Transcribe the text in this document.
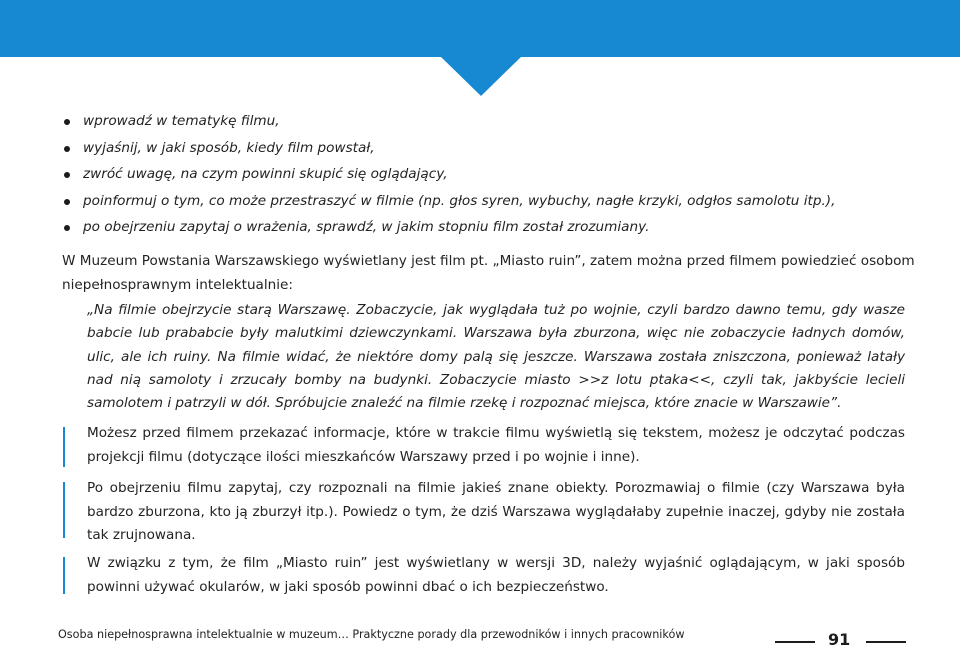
wprowadź w tematykę filmu,
wyjaśnij, w jaki sposób, kiedy film powstał,
zwróć uwagę, na czym powinni skupić się oglądający,
poinformuj o tym, co może przestraszyć w filmie (np. głos syren, wybuchy, nagłe krzyki, odgłos samolotu itp.),
po obejrzeniu zapytaj o wrażenia, sprawdź, w jakim stopniu film został zrozumiany.

W Muzeum Powstania Warszawskiego wyświetlany jest film pt. „Miasto ruin”, zatem można przed filmem powiedzieć osobom niepełnosprawnym intelektualnie:

„Na filmie obejrzycie starą Warszawę. Zobaczycie, jak wyglądała tuż po wojnie, czyli bardzo dawno temu, gdy wasze babcie lub prababcie były malutkimi dziewczynkami. Warszawa była zburzona, więc nie zobaczycie ładnych domów, ulic, ale ich ruiny. Na filmie widać, że niektóre domy palą się jeszcze. Warszawa została zniszczona, ponieważ latały nad nią samoloty i zrzucały bomby na budynki. Zobaczycie miasto >>z lotu ptaka<<, czyli tak, jakbyście lecieli samolotem i patrzyli w dół. Spróbujcie znaleźć na filmie rzekę i rozpoznać miejsca, które znacie w Warszawie”.

Możesz przed filmem przekazać informacje, które w trakcie filmu wyświetlą się tekstem, możesz je odczytać podczas projekcji filmu (dotyczące ilości mieszkańców Warszawy przed i po wojnie i inne).

Po obejrzeniu filmu zapytaj, czy rozpoznali na filmie jakieś znane obiekty. Porozmawiaj o filmie (czy Warszawa była bardzo zburzona, kto ją zburzył itp.). Powiedz o tym, że dziś Warszawa wyglądałaby zupełnie inaczej, gdyby nie została tak zrujnowana.

W związku z tym, że film „Miasto ruin” jest wyświetlany w wersji 3D, należy wyjaśnić oglądającym, w jaki sposób powinni używać okularów, w jaki sposób powinni dbać o ich bezpieczeństwo.

Osoba niepełnosprawna intelektualnie w muzeum… Praktyczne porady dla przewodników i innych pracowników	91
